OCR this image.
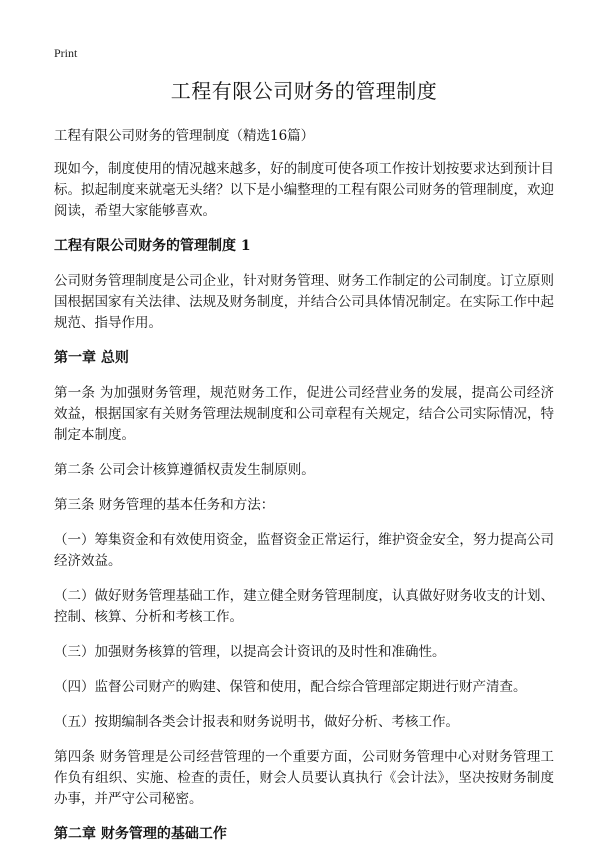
Print
工程有限公司财务的管理制度

工程有限公司财务的管理制度（精选16篇）

现如今，制度使用的情况越来越多，好的制度可使各项工作按计划按要求达到预计目标。拟起制度来就毫无头绪？以下是小编整理的工程有限公司财务的管理制度，欢迎阅读，希望大家能够喜欢。

工程有限公司财务的管理制度 1

公司财务管理制度是公司企业，针对财务管理、财务工作制定的公司制度。订立原则国根据国家有关法律、法规及财务制度，并结合公司具体情况制定。在实际工作中起规范、指导作用。

第一章 总则

第一条 为加强财务管理，规范财务工作，促进公司经营业务的发展，提高公司经济效益，根据国家有关财务管理法规制度和公司章程有关规定，结合公司实际情况，特制定本制度。

第二条 公司会计核算遵循权责发生制原则。

第三条 财务管理的基本任务和方法：

（一）筹集资金和有效使用资金，监督资金正常运行，维护资金安全，努力提高公司经济效益。

（二）做好财务管理基础工作，建立健全财务管理制度，认真做好财务收支的计划、控制、核算、分析和考核工作。

（三）加强财务核算的管理，以提高会计资讯的及时性和准确性。

（四）监督公司财产的购建、保管和使用，配合综合管理部定期进行财产清查。

（五）按期编制各类会计报表和财务说明书，做好分析、考核工作。

第四条 财务管理是公司经营管理的一个重要方面，公司财务管理中心对财务管理工作负有组织、实施、检查的责任，财会人员要认真执行《会计法》，坚决按财务制度办事，并严守公司秘密。

第二章 财务管理的基础工作
